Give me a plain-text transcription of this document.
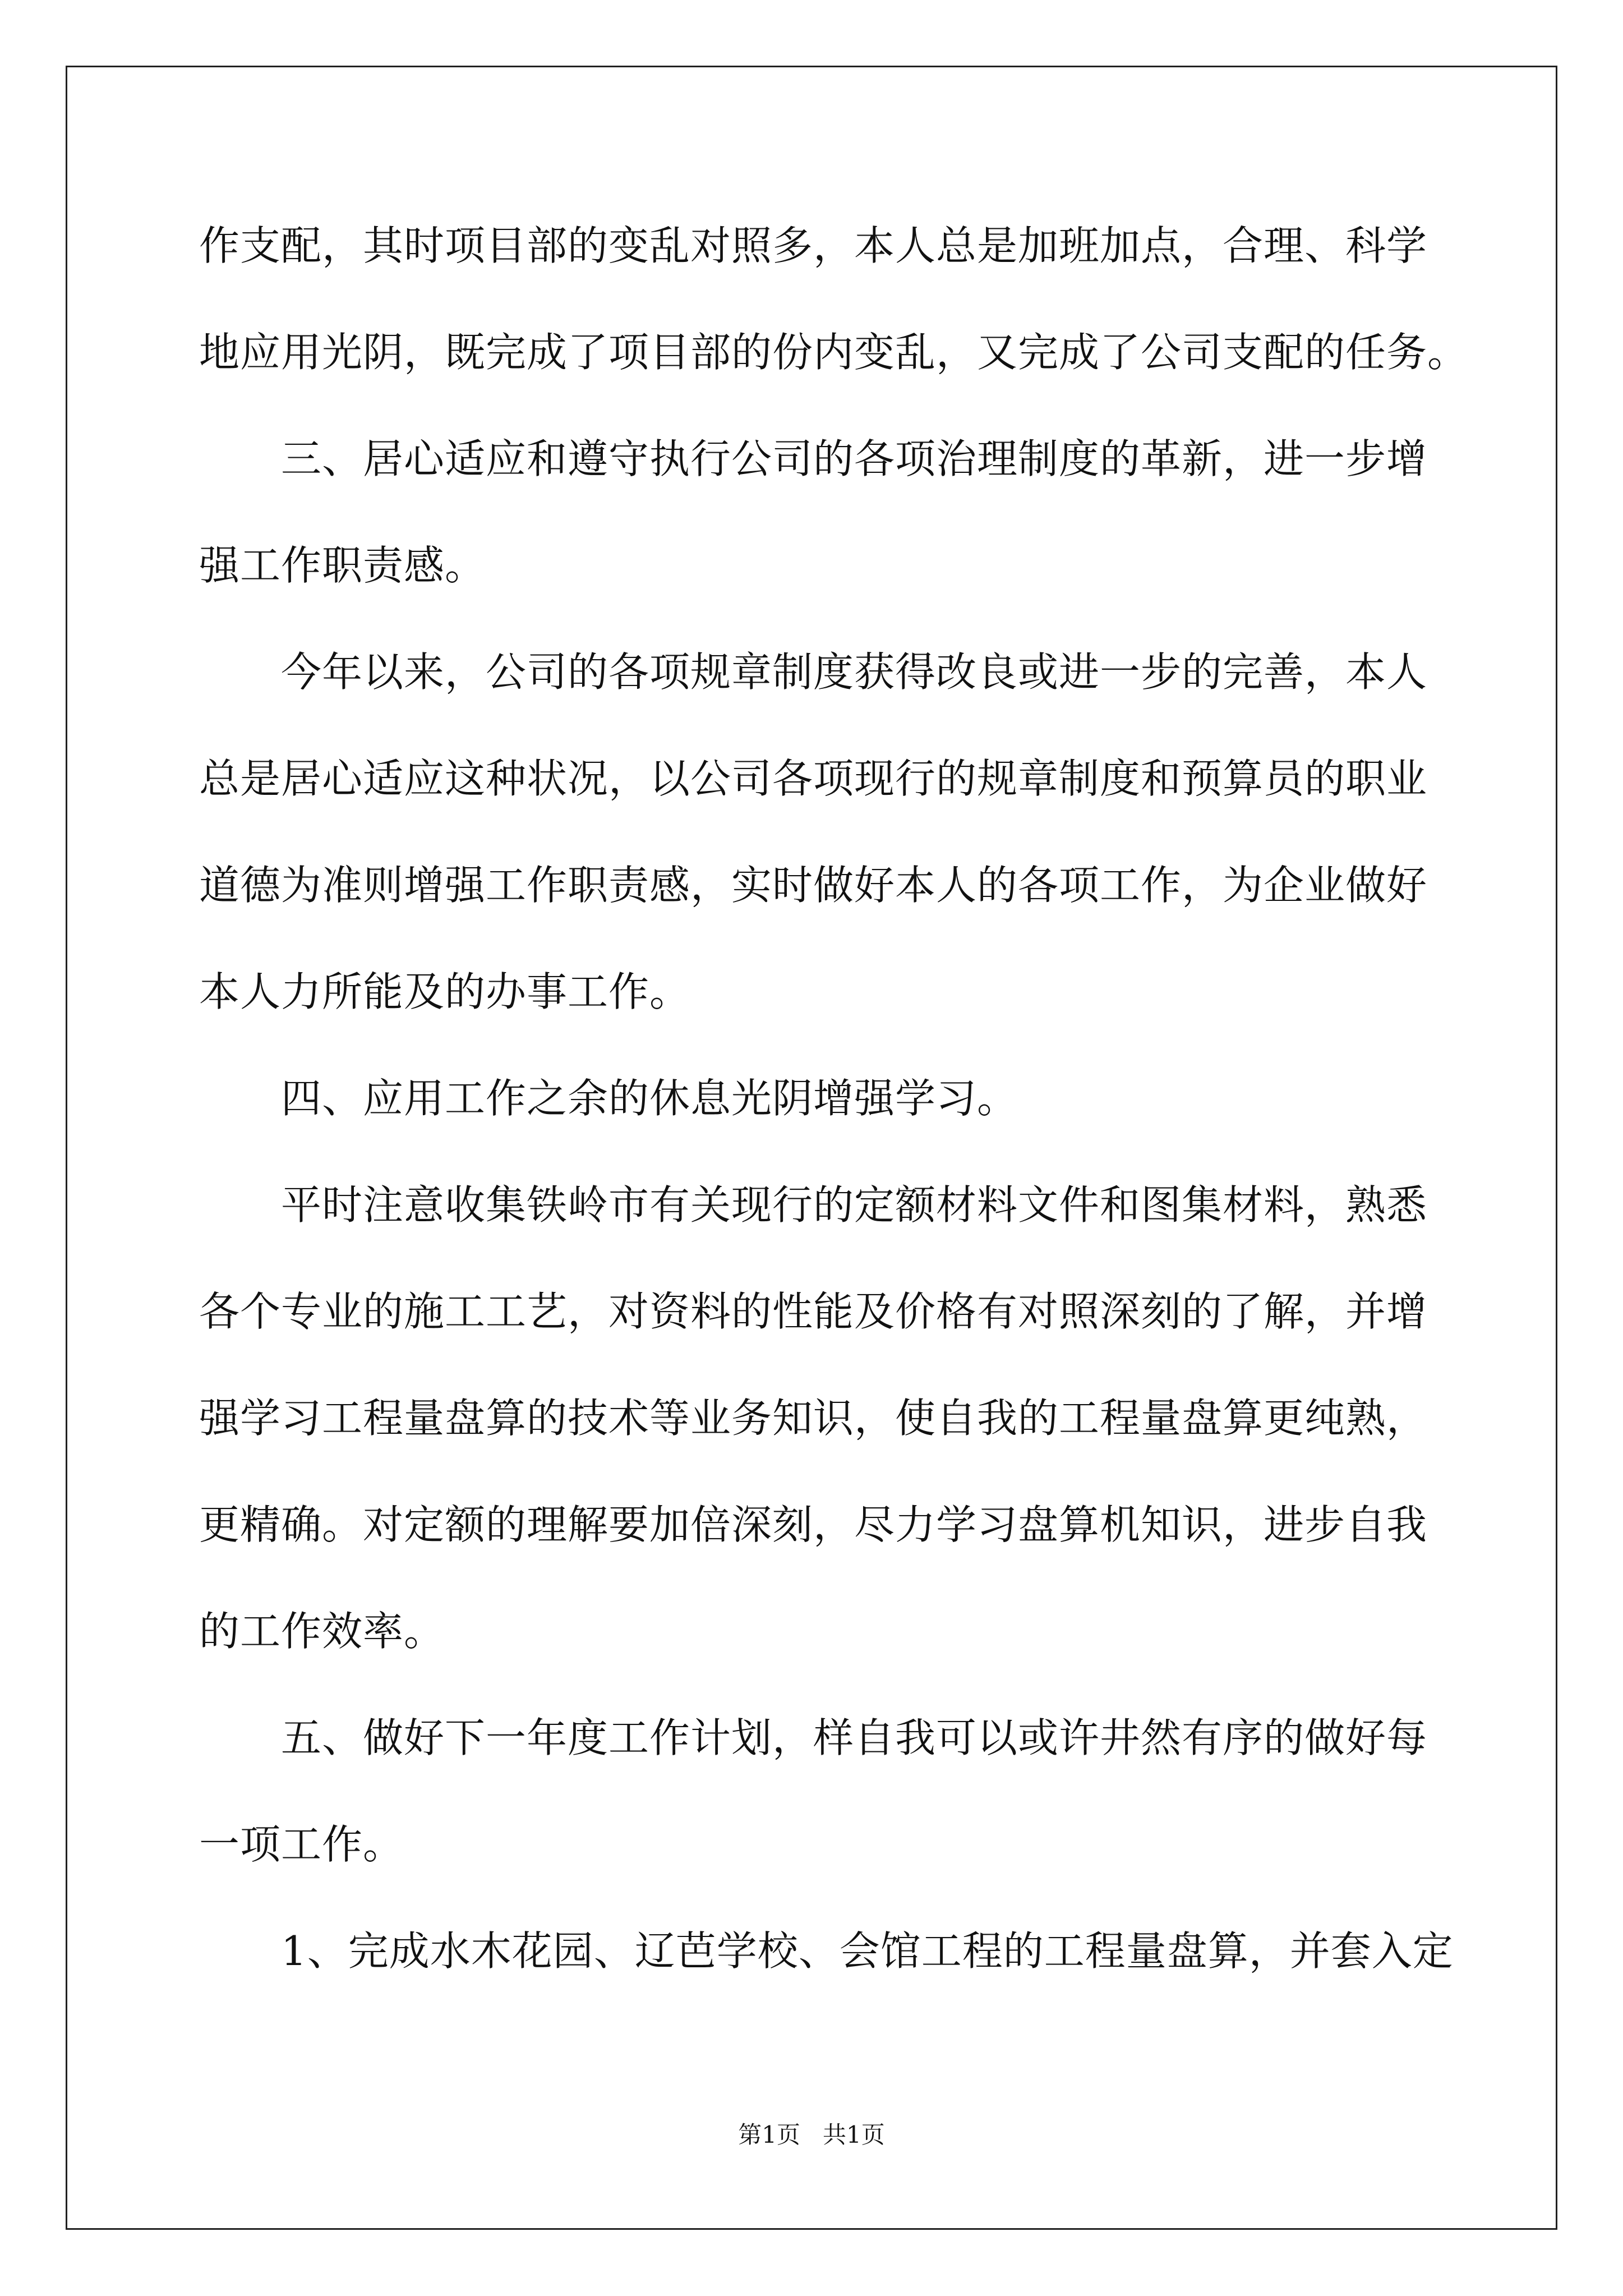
作支配，其时项目部的变乱对照多，本人总是加班加点，合理、科学
地应用光阴，既完成了项目部的份内变乱，又完成了公司支配的任务。
三、居心适应和遵守执行公司的各项治理制度的革新，进一步增
强工作职责感。
今年以来，公司的各项规章制度获得改良或进一步的完善，本人
总是居心适应这种状况，以公司各项现行的规章制度和预算员的职业
道德为准则增强工作职责感，实时做好本人的各项工作，为企业做好
本人力所能及的办事工作。
四、应用工作之余的休息光阴增强学习。
平时注意收集铁岭市有关现行的定额材料文件和图集材料，熟悉
各个专业的施工工艺，对资料的性能及价格有对照深刻的了解，并增
强学习工程量盘算的技术等业务知识，使自我的工程量盘算更纯熟，
更精确。对定额的理解要加倍深刻，尽力学习盘算机知识，进步自我
的工作效率。
五、做好下一年度工作计划，样自我可以或许井然有序的做好每
一项工作。
1、完成水木花园、辽芭学校、会馆工程的工程量盘算，并套入定
第1页 共1页
